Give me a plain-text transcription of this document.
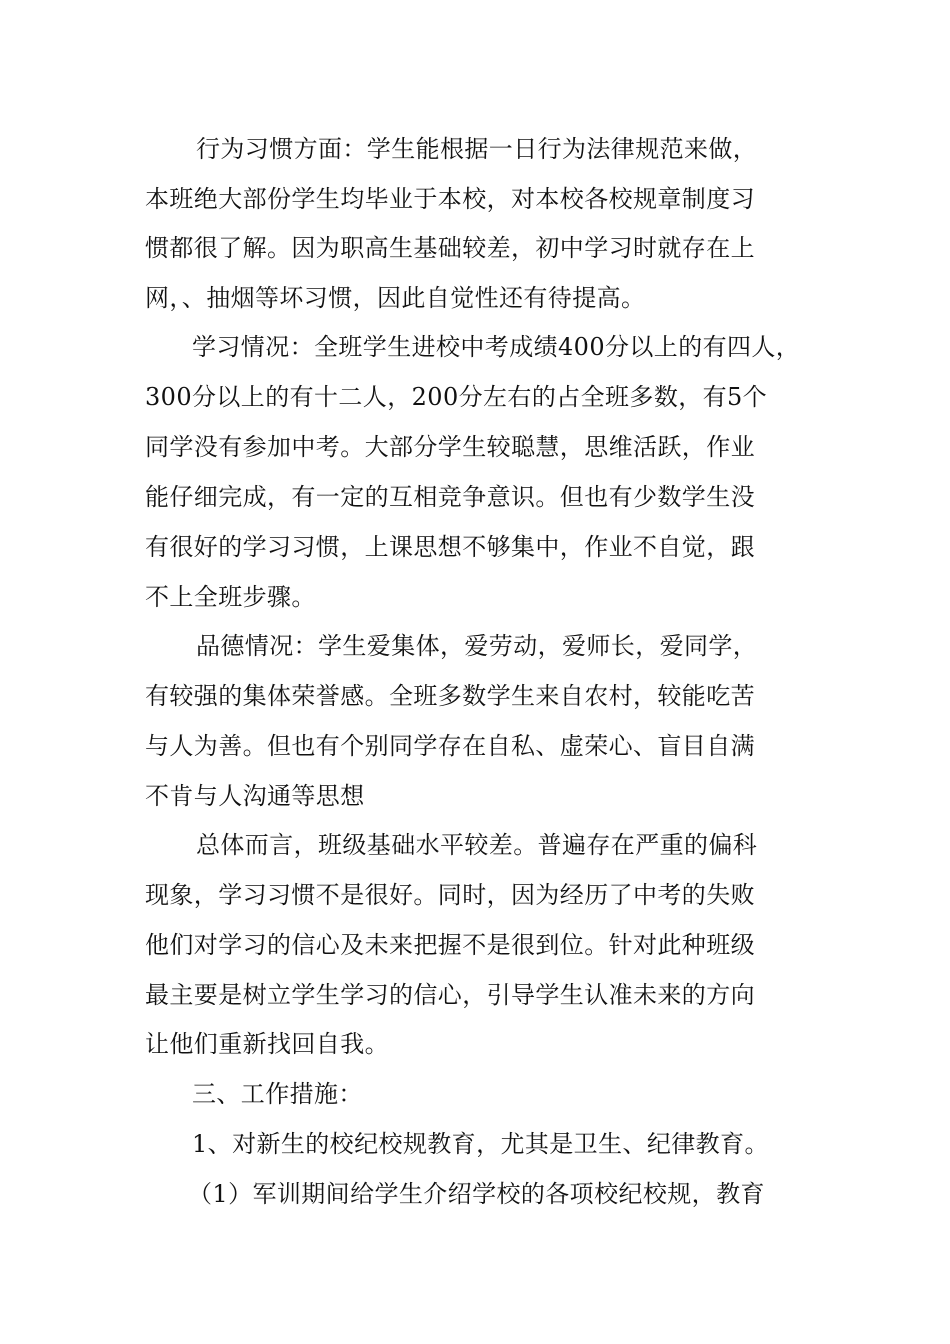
行为习惯方面：学生能根据一日行为法律规范来做，
本班绝大部份学生均毕业于本校，对本校各校规章制度习
惯都很了解。因为职高生基础较差，初中学习时就存在上
网，、抽烟等坏习惯，因此自觉性还有待提高。
学习情况：全班学生进校中考成绩400分以上的有四人，
300分以上的有十二人，200分左右的占全班多数，有5个
同学没有参加中考。大部分学生较聪慧，思维活跃，作业
能仔细完成，有一定的互相竞争意识。但也有少数学生没
有很好的学习习惯，上课思想不够集中，作业不自觉，跟
不上全班步骤。
品德情况：学生爱集体，爱劳动，爱师长，爱同学，
有较强的集体荣誉感。全班多数学生来自农村，较能吃苦
与人为善。但也有个别同学存在自私、虚荣心、盲目自满
不肯与人沟通等思想
总体而言，班级基础水平较差。普遍存在严重的偏科
现象，学习习惯不是很好。同时，因为经历了中考的失败
他们对学习的信心及未来把握不是很到位。针对此种班级
最主要是树立学生学习的信心，引导学生认准未来的方向
让他们重新找回自我。
三、工作措施：
1、对新生的校纪校规教育，尤其是卫生、纪律教育。
（1）军训期间给学生介绍学校的各项校纪校规，教育
